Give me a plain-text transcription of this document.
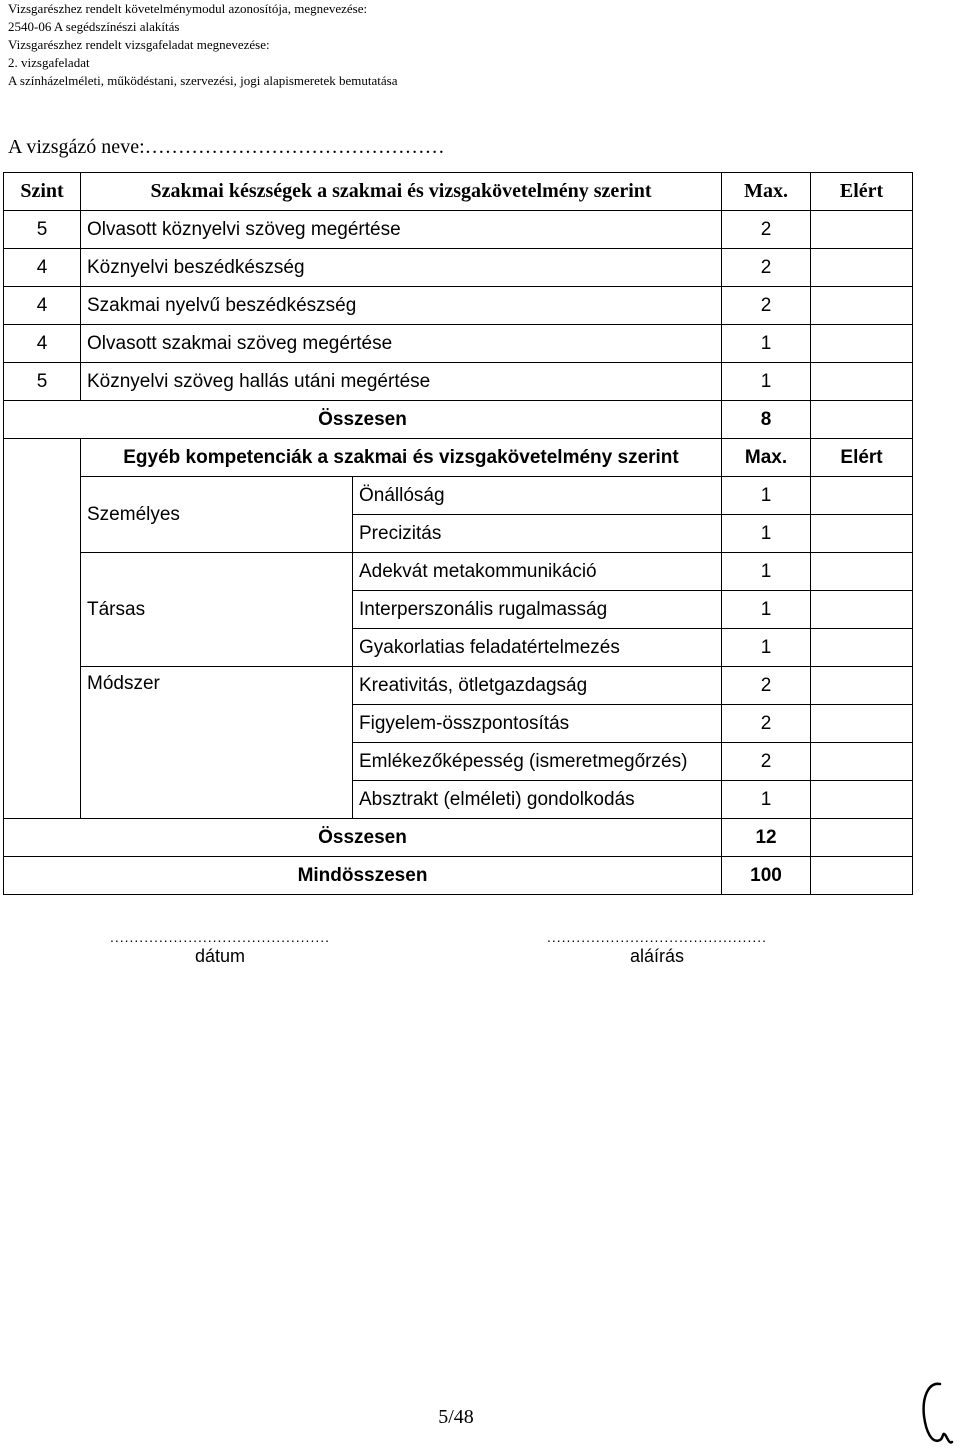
Vizsgarészhez rendelt követelménymodul azonosítója, megnevezése:
2540-06 A segédszínészi alakítás
Vizsgarészhez rendelt vizsgafeladat megnevezése:
2. vizsgafeladat
A színházelméleti, működéstani, szervezési, jogi alapismeretek bemutatása
A vizsgázó neve:………………………………………
Szint	Szakmai készségek a szakmai és vizsgakövetelmény szerint		Max.	Elért
5	Olvasott köznyelvi szöveg megértése		2	
4	Köznyelvi beszédkészség		2	
4	Szakmai nyelvű beszédkészség		2	
4	Olvasott szakmai szöveg megértése		1	
5	Köznyelvi szöveg hallás utáni megértése		1	
Összesen			8	
	Egyéb kompetenciák a szakmai és vizsgakövetelmény szerint		Max.	Elért
	Személyes	Önállóság	1	
		Precizitás	1	
	Társas	Adekvát metakommunikáció	1	
		Interperszonális rugalmasság	1	
		Gyakorlatias feladatértelmezés	1	
	Módszer	Kreativitás, ötletgazdagság	2	
		Figyelem-összpontosítás	2	
		Emlékezőképesség (ismeretmegőrzés)	2	
		Absztrakt (elméleti) gondolkodás	1	
Összesen			12	
Mindösszesen			100	
.............................................
dátum
.............................................
aláírás
5/48
